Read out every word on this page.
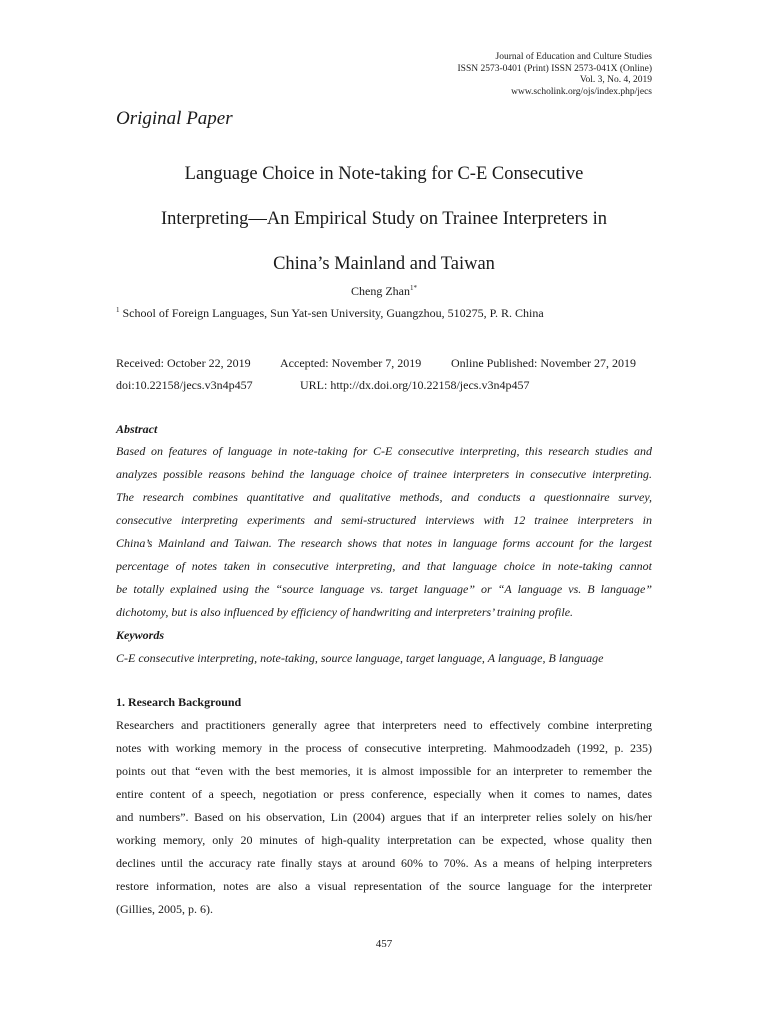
Journal of Education and Culture Studies
ISSN 2573-0401 (Print) ISSN 2573-041X (Online)
Vol. 3, No. 4, 2019
www.scholink.org/ojs/index.php/jecs
Original Paper
Language Choice in Note-taking for C-E Consecutive
Interpreting—An Empirical Study on Trainee Interpreters in
China’s Mainland and Taiwan
Cheng Zhan$^{1*}$
$^1$ School of Foreign Languages, Sun Yat-sen University, Guangzhou, 510275, P. R. China
Received: October 22, 2019 Accepted: November 7, 2019 Online Published: November 27, 2019
doi:10.22158/jecs.v3n4p457	URL: http://dx.doi.org/10.22158/jecs.v3n4p457
Abstract
Based on features of language in note-taking for C-E consecutive interpreting, this research studies and
analyzes possible reasons behind the language choice of trainee interpreters in consecutive interpreting.
The research combines quantitative and qualitative methods, and conducts a questionnaire survey,
consecutive interpreting experiments and semi-structured interviews with 12 trainee interpreters in
China’s Mainland and Taiwan. The research shows that notes in language forms account for the largest
percentage of notes taken in consecutive interpreting, and that language choice in note-taking cannot
be totally explained using the “source language vs. target language” or “A language vs. B language”
dichotomy, but is also influenced by efficiency of handwriting and interpreters’ training profile.
Keywords
C-E consecutive interpreting, note-taking, source language, target language, A language, B language
1. Research Background
Researchers and practitioners generally agree that interpreters need to effectively combine interpreting
notes with working memory in the process of consecutive interpreting. Mahmoodzadeh (1992, p. 235)
points out that “even with the best memories, it is almost impossible for an interpreter to remember the
entire content of a speech, negotiation or press conference, especially when it comes to names, dates
and numbers”. Based on his observation, Lin (2004) argues that if an interpreter relies solely on his/her
working memory, only 20 minutes of high-quality interpretation can be expected, whose quality then
declines until the accuracy rate finally stays at around 60% to 70%. As a means of helping interpreters
restore information, notes are also a visual representation of the source language for the interpreter
(Gillies, 2005, p. 6).
457
